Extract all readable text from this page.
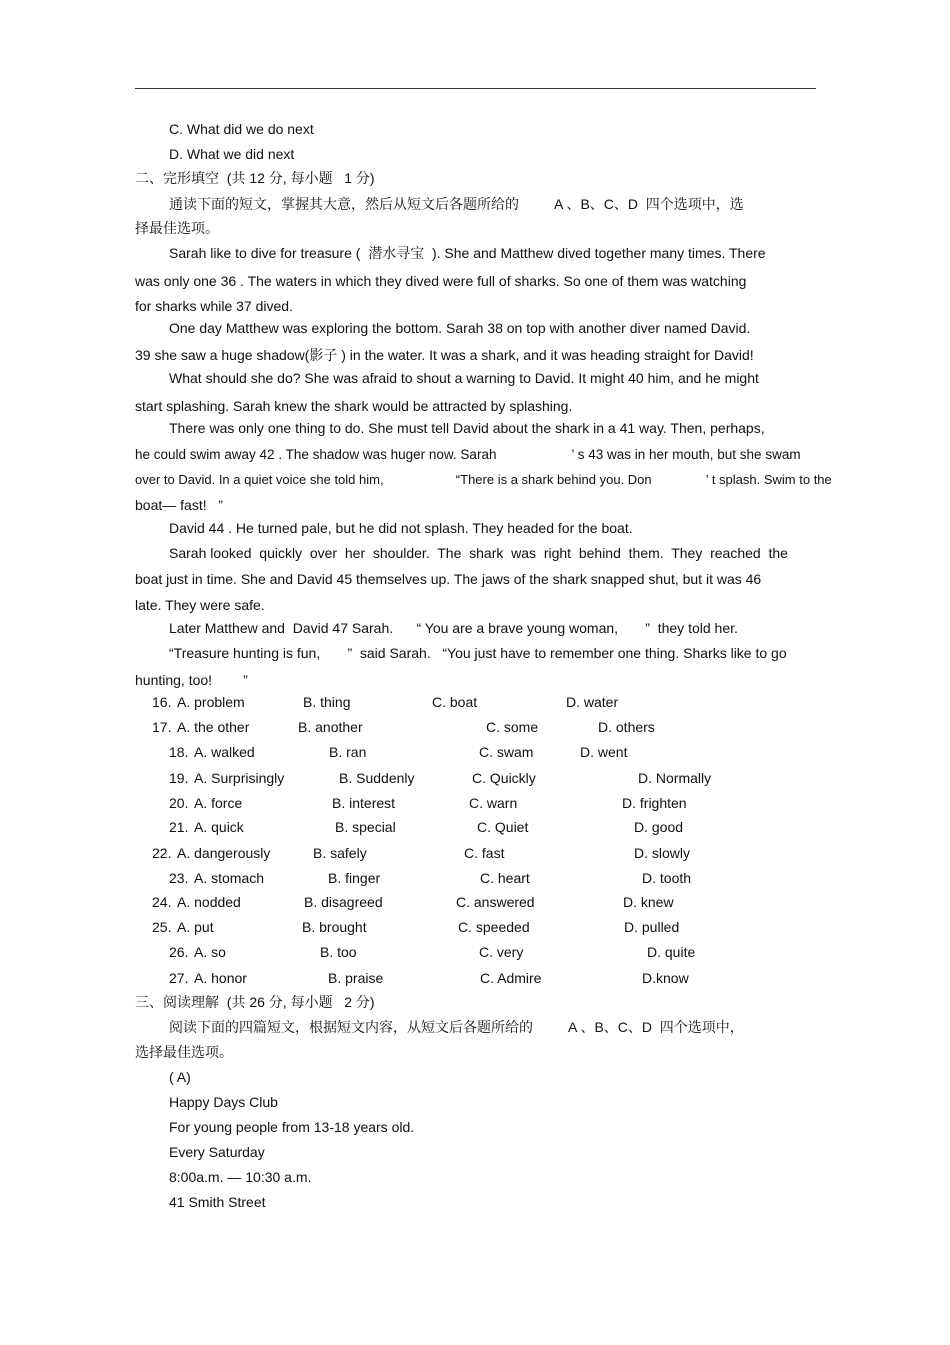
C. What did we do next
D. What we did next
二、完形填空  (共 12 分, 每小题   1 分)
通读下面的短文，掌握其大意，然后从短文后各题所给的         A 、B、C、D  四个选项中，选
择最佳选项。
Sarah like to dive for treasure (  潜水寻宝  ). She and Matthew dived together many times. There
was only one 36 . The waters in which they dived were full of sharks. So one of them was watching
for sharks while 37 dived.
One day Matthew was exploring the bottom. Sarah 38 on top with another diver named David.
39 she saw a huge shadow(影子 ) in the water. It was a shark, and it was heading straight for David!
What should she do? She was afraid to shout a warning to David. It might 40 him, and he might
start splashing. Sarah knew the shark would be attracted by splashing.
There was only one thing to do. She must tell David about the shark in a 41 way. Then, perhaps,
he could swim away 42 . The shadow was huger now. Sarah                    ’ s 43 was in her mouth, but she swam
over to David. In a quiet voice she told him,                    “There is a shark behind you. Don               ’ t splash. Swim to the
boat— fast!   ”
David 44 . He turned pale, but he did not splash. They headed for the boat.
Sarah looked  quickly  over  her  shoulder.  The  shark  was  right  behind  them.  They  reached  the
boat just in time. She and David 45 themselves up. The jaws of the shark snapped shut, but it was 46
late. They were safe.
Later Matthew and  David 47 Sarah.      “ You are a brave young woman,       ”  they told her.
“Treasure hunting is fun,       ”  said Sarah.   “You just have to remember one thing. Sharks like to go
hunting, too!        ”
16. A. problem	B. thing	C. boat	D. water
17. A. the other	B. another	C. some	D. others
18. A. walked	B. ran	C. swam	D. went
19. A. Surprisingly	B. Suddenly	C. Quickly	D. Normally
20. A. force	B. interest	C. warn	D. frighten
21. A. quick	B. special	C. Quiet	D. good
22. A. dangerously	B. safely	C. fast	D. slowly
23. A. stomach	B. finger	C. heart	D. tooth
24. A. nodded	B. disagreed	C. answered	D. knew
25. A. put	B. brought	C. speeded	D. pulled
26. A. so	B. too	C. very	D. quite
27. A. honor	B. praise	C. Admire	D.know
三、阅读理解  (共 26 分, 每小题   2 分)
阅读下面的四篇短文，根据短文内容，从短文后各题所给的         A 、B、C、D  四个选项中，
选择最佳选项。
( A)
Happy Days Club
For young people from 13-18 years old.
Every Saturday
8:00a.m. — 10:30 a.m.
41 Smith Street
